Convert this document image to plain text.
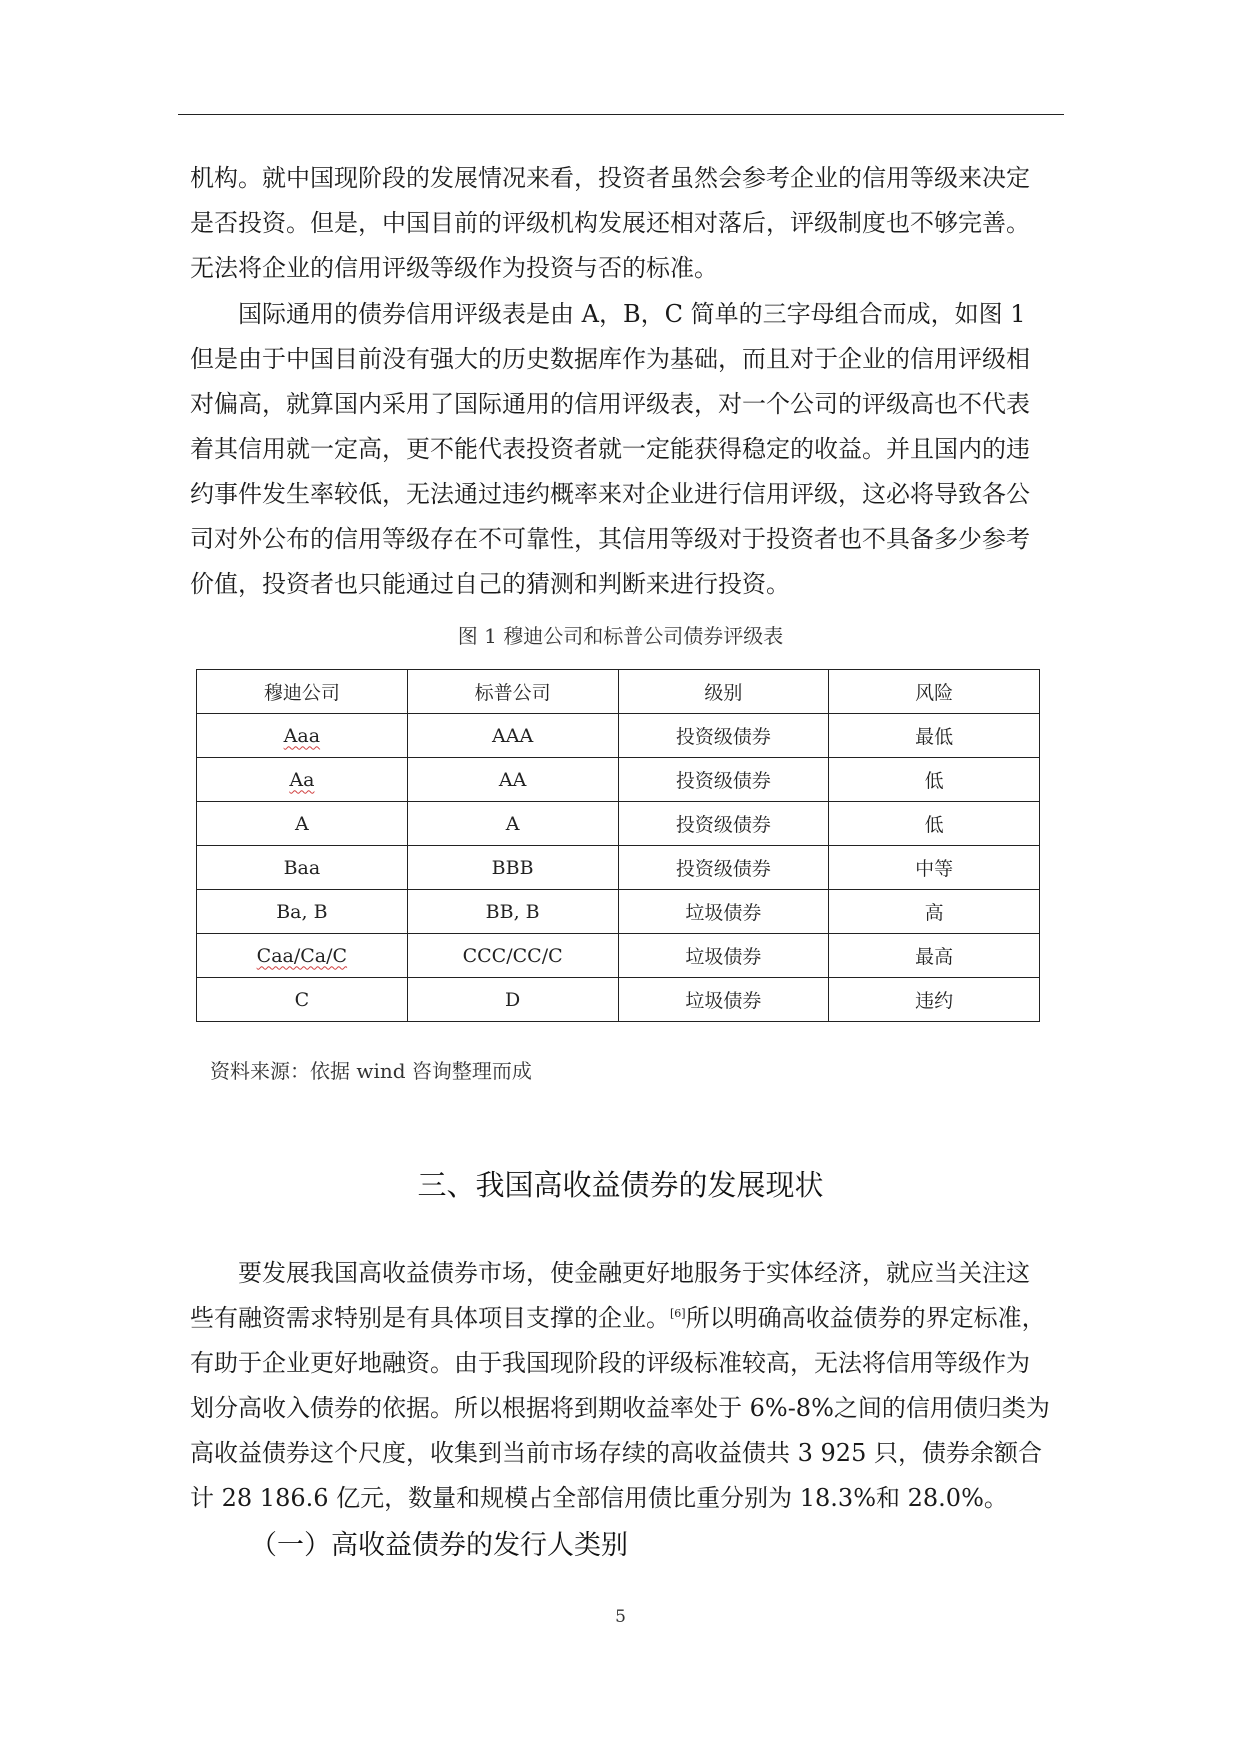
机构。就中国现阶段的发展情况来看，投资者虽然会参考企业的信用等级来决定
是否投资。但是，中国目前的评级机构发展还相对落后，评级制度也不够完善。
无法将企业的信用评级等级作为投资与否的标准。
　　国际通用的债券信用评级表是由 A，B，C 简单的三字母组合而成，如图 1
但是由于中国目前没有强大的历史数据库作为基础，而且对于企业的信用评级相
对偏高，就算国内采用了国际通用的信用评级表，对一个公司的评级高也不代表
着其信用就一定高，更不能代表投资者就一定能获得稳定的收益。并且国内的违
约事件发生率较低，无法通过违约概率来对企业进行信用评级，这必将导致各公
司对外公布的信用等级存在不可靠性，其信用等级对于投资者也不具备多少参考
价值，投资者也只能通过自己的猜测和判断来进行投资。
图 1 穆迪公司和标普公司债券评级表
穆迪公司	标普公司	级别	风险
Aaa	AAA	投资级债券	最低
Aa	AA	投资级债券	低
A	A	投资级债券	低
Baa	BBB	投资级债券	中等
Ba, B	BB, B	垃圾债券	高
Caa/Ca/C	CCC/CC/C	垃圾债券	最高
C	D	垃圾债券	违约
资料来源：依据 wind 咨询整理而成
三、我国高收益债券的发展现状
　　要发展我国高收益债券市场，使金融更好地服务于实体经济，就应当关注这
些有融资需求特别是有具体项目支撑的企业。[6]所以明确高收益债券的界定标准，
有助于企业更好地融资。由于我国现阶段的评级标准较高，无法将信用等级作为
划分高收入债券的依据。所以根据将到期收益率处于 6%-8%之间的信用债归类为
高收益债券这个尺度，收集到当前市场存续的高收益债共 3 925 只，债券余额合
计 28 186.6 亿元，数量和规模占全部信用债比重分别为 18.3%和 28.0%。
（一）高收益债券的发行人类别
5
